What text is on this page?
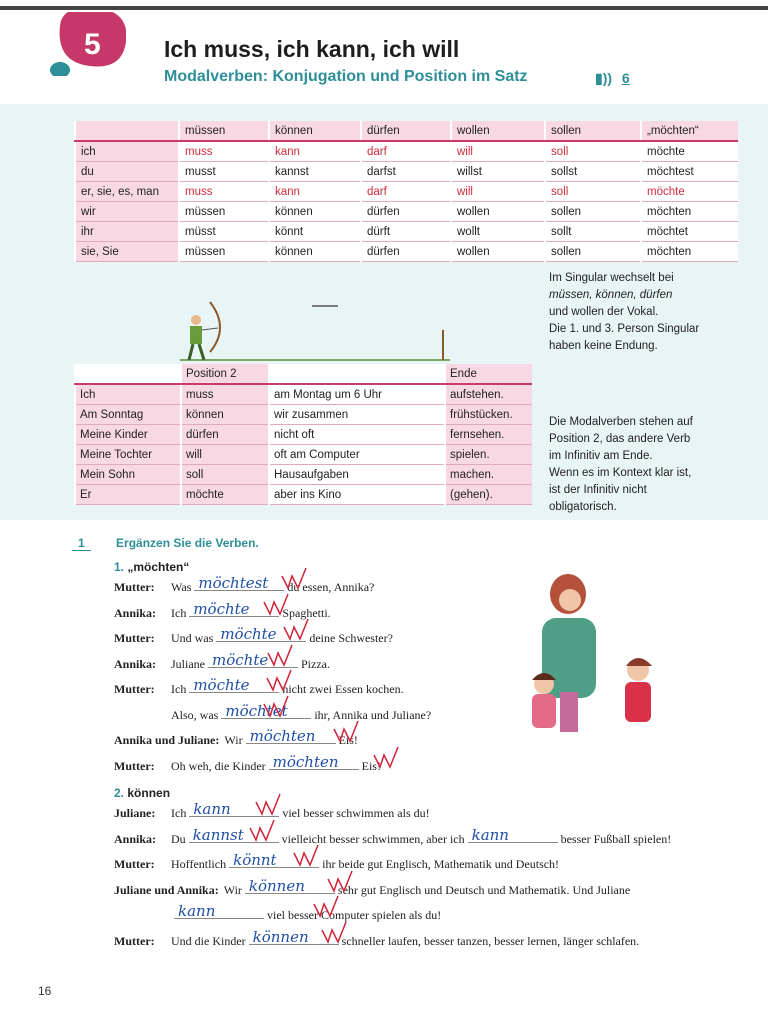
5	Ich muss, ich kann, ich will
Modalverben: Konjugation und Position im Satz	▮)) 6
	müssen	können	dürfen	wollen	sollen	„möchten“
ich	muss	kann	darf	will	soll	möchte
du	musst	kannst	darfst	willst	sollst	möchtest
er, sie, es, man	muss	kann	darf	will	soll	möchte
wir	müssen	können	dürfen	wollen	sollen	möchten
ihr	müsst	könnt	dürft	wollt	sollt	möchtet
sie, Sie	müssen	können	dürfen	wollen	sollen	möchten
Im Singular wechselt bei
müssen, können, dürfen
und wollen der Vokal.
Die 1. und 3. Person Singular
haben keine Endung.
	Position 2		Ende
Ich	muss	am Montag um 6 Uhr	aufstehen.
Am Sonntag	können	wir zusammen	frühstücken.
Meine Kinder	dürfen	nicht oft	fernsehen.
Meine Tochter	will	oft am Computer	spielen.
Mein Sohn	soll	Hausaufgaben	machen.
Er	möchte	aber ins Kino	(gehen).
Die Modalverben stehen auf
Position 2, das andere Verb
im Infinitiv am Ende.
Wenn es im Kontext klar ist,
ist der Infinitiv nicht
obligatorisch.
1	Ergänzen Sie die Verben.
1. „möchten“
Mutter: Was möchtest du essen, Annika?
Annika: Ich möchte	Spaghetti.
Mutter: Und was möchte	deine Schwester?
Annika: Juliane möchte	Pizza.
Mutter: Ich möchte	nicht zwei Essen kochen.
Also, was möchtet ihr, Annika und Juliane?
Annika und Juliane: Wir möchten Eis!
Mutter: Oh weh, die Kinder möchten Eis!
2. können
Juliane: Ich kann	viel besser schwimmen als du!
Annika: Du kannst	vielleicht besser schwimmen, aber ich kann	besser Fußball spielen!
Mutter: Hoffentlich könnt	ihr beide gut Englisch, Mathematik und Deutsch!
Juliane und Annika: Wir können	sehr gut Englisch und Deutsch und Mathematik. Und Juliane

kann	viel besser Computer spielen als du!
Mutter: Und die Kinder können	schneller laufen, besser tanzen, besser lernen, länger schlafen.
16
